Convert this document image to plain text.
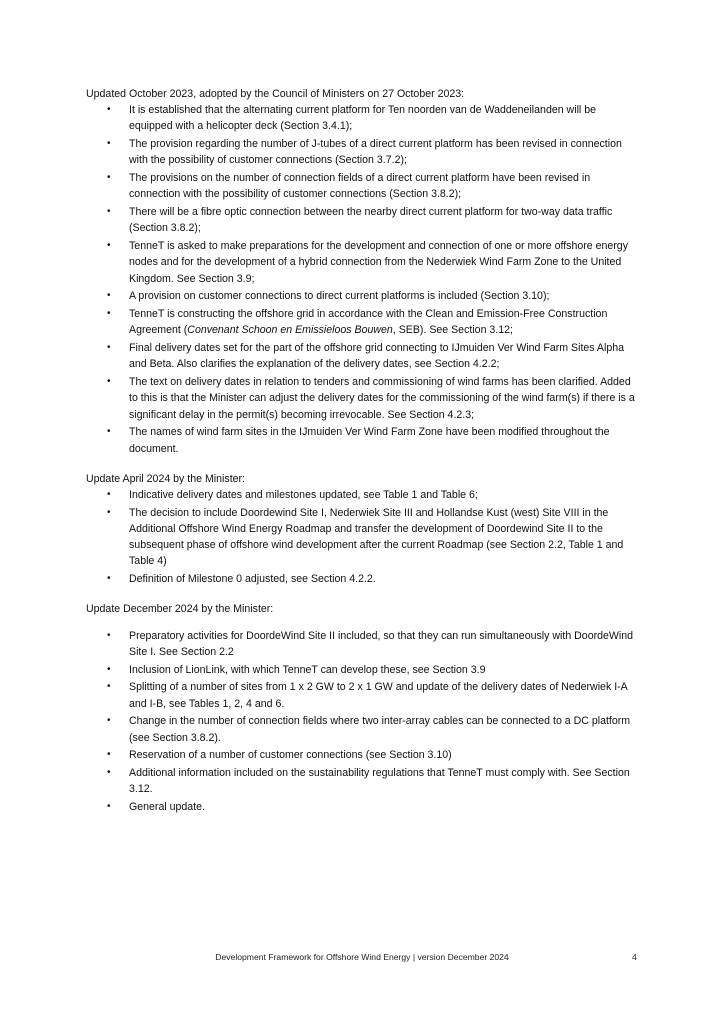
Updated October 2023, adopted by the Council of Ministers on 27 October 2023:

• It is established that the alternating current platform for Ten noorden van de Waddeneilanden will be equipped with a helicopter deck (Section 3.4.1);
• The provision regarding the number of J-tubes of a direct current platform has been revised in connection with the possibility of customer connections (Section 3.7.2);
• The provisions on the number of connection fields of a direct current platform have been revised in connection with the possibility of customer connections (Section 3.8.2);
• There will be a fibre optic connection between the nearby direct current platform for two-way data traffic (Section 3.8.2);
• TenneT is asked to make preparations for the development and connection of one or more offshore energy nodes and for the development of a hybrid connection from the Nederwiek Wind Farm Zone to the United Kingdom. See Section 3.9;
• A provision on customer connections to direct current platforms is included (Section 3.10);
• TenneT is constructing the offshore grid in accordance with the Clean and Emission-Free Construction Agreement (Convenant Schoon en Emissieloos Bouwen, SEB). See Section 3.12;
• Final delivery dates set for the part of the offshore grid connecting to IJmuiden Ver Wind Farm Sites Alpha and Beta. Also clarifies the explanation of the delivery dates, see Section 4.2.2;
• The text on delivery dates in relation to tenders and commissioning of wind farms has been clarified. Added to this is that the Minister can adjust the delivery dates for the commissioning of the wind farm(s) if there is a significant delay in the permit(s) becoming irrevocable. See Section 4.2.3;
• The names of wind farm sites in the IJmuiden Ver Wind Farm Zone have been modified throughout the document.

Update April 2024 by the Minister:

• Indicative delivery dates and milestones updated, see Table 1 and Table 6;
• The decision to include Doordewind Site I, Nederwiek Site III and Hollandse Kust (west) Site VIII in the Additional Offshore Wind Energy Roadmap and transfer the development of Doordewind Site II to the subsequent phase of offshore wind development after the current Roadmap (see Section 2.2, Table 1 and Table 4)
• Definition of Milestone 0 adjusted, see Section 4.2.2.

Update December 2024 by the Minister:

• Preparatory activities for DoordeWind Site II included, so that they can run simultaneously with DoordeWind Site I. See Section 2.2
• Inclusion of LionLink, with which TenneT can develop these, see Section 3.9
• Splitting of a number of sites from 1 x 2 GW to 2 x 1 GW and update of the delivery dates of Nederwiek I-A and I-B, see Tables 1, 2, 4 and 6.
• Change in the number of connection fields where two inter-array cables can be connected to a DC platform (see Section 3.8.2).
• Reservation of a number of customer connections (see Section 3.10)
• Additional information included on the sustainability regulations that TenneT must comply with. See Section 3.12.
• General update.
Development Framework for Offshore Wind Energy | version December 2024	4
